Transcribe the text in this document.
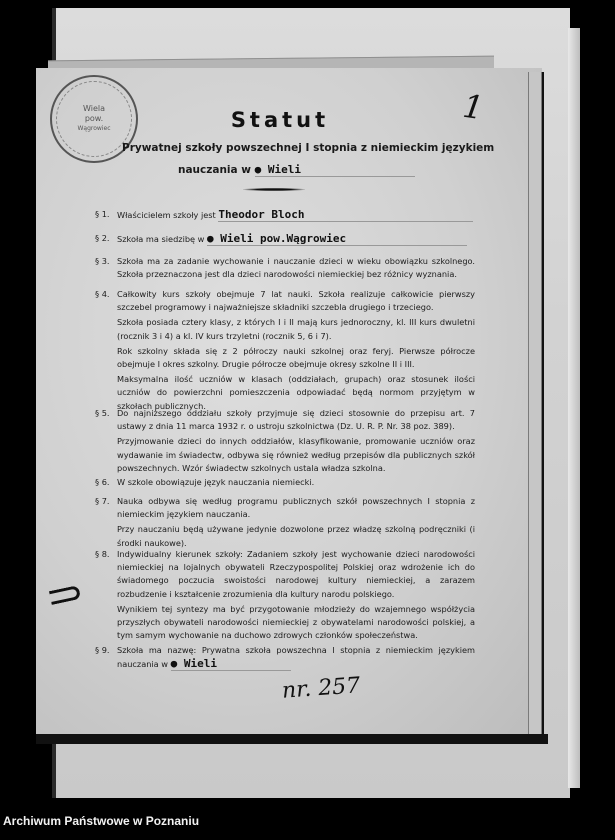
Wiela
pow.
Wągrowiec
1
Statut
Prywatnej szkoły powszechnej I stopnia z niemieckim językiem
nauczania w ● Wieli
§ 1. Właścicielem szkoły jest Theodor Bloch

§ 2. Szkoła ma siedzibę w ● Wieli pow.Wągrowiec

§ 3. Szkoła ma za zadanie wychowanie i nauczanie dzieci w wieku obowiązku szkolnego. Szkoła przeznaczona jest dla dzieci narodowości niemieckiej bez różnicy wyznania.

§ 4. Całkowity kurs szkoły obejmuje 7 lat nauki. Szkoła realizuje całkowicie pierwszy szczebel programowy i najważniejsze składniki szczebla drugiego i trzeciego.

Szkoła posiada cztery klasy, z których I i II mają kurs jednoroczny, kl. III kurs dwuletni (rocznik 3 i 4) a kl. IV kurs trzyletni (rocznik 5, 6 i 7).

Rok szkolny składa się z 2 półroczy nauki szkolnej oraz feryj. Pierwsze półrocze obejmuje I okres szkolny. Drugie półrocze obejmuje okresy szkolne II i III.

Maksymalna ilość uczniów w klasach (oddziałach, grupach) oraz stosunek ilości uczniów do powierzchni pomieszczenia odpowiadać będą normom przyjętym w szkołach publicznych.

§ 5. Do najniższego oddziału szkoły przyjmuje się dzieci stosownie do przepisu art. 7 ustawy z dnia 11 marca 1932 r. o ustroju szkolnictwa (Dz. U. R. P. Nr. 38 poz. 389).

Przyjmowanie dzieci do innych oddziałów, klasyfikowanie, promowanie uczniów oraz wydawanie im świadectw, odbywa się również według przepisów dla publicznych szkół powszechnych. Wzór świadectw szkolnych ustala władza szkolna.

§ 6. W szkole obowiązuje język nauczania niemiecki.

§ 7. Nauka odbywa się według programu publicznych szkół powszechnych I stopnia z niemieckim językiem nauczania.

Przy nauczaniu będą używane jedynie dozwolone przez władzę szkolną podręczniki (i środki naukowe).

§ 8. Indywidualny kierunek szkoły: Zadaniem szkoły jest wychowanie dzieci narodowości niemieckiej na lojalnych obywateli Rzeczypospolitej Polskiej oraz wdrożenie ich do świadomego poczucia swoistości narodowej kultury niemieckiej, a zarazem rozbudzenie i kształcenie zrozumienia dla kultury narodu polskiego.

Wynikiem tej syntezy ma być przygotowanie młodzieży do wzajemnego współżycia przyszłych obywateli narodowości niemieckiej z obywatelami narodowości polskiej, a tym samym wychowanie na duchowo zdrowych członków społeczeństwa.

§ 9. Szkoła ma nazwę: Prywatna szkoła powszechna I stopnia z niemieckim językiem nauczania w ● Wieli

nr. 257
Archiwum Państwowe w Poznaniu
